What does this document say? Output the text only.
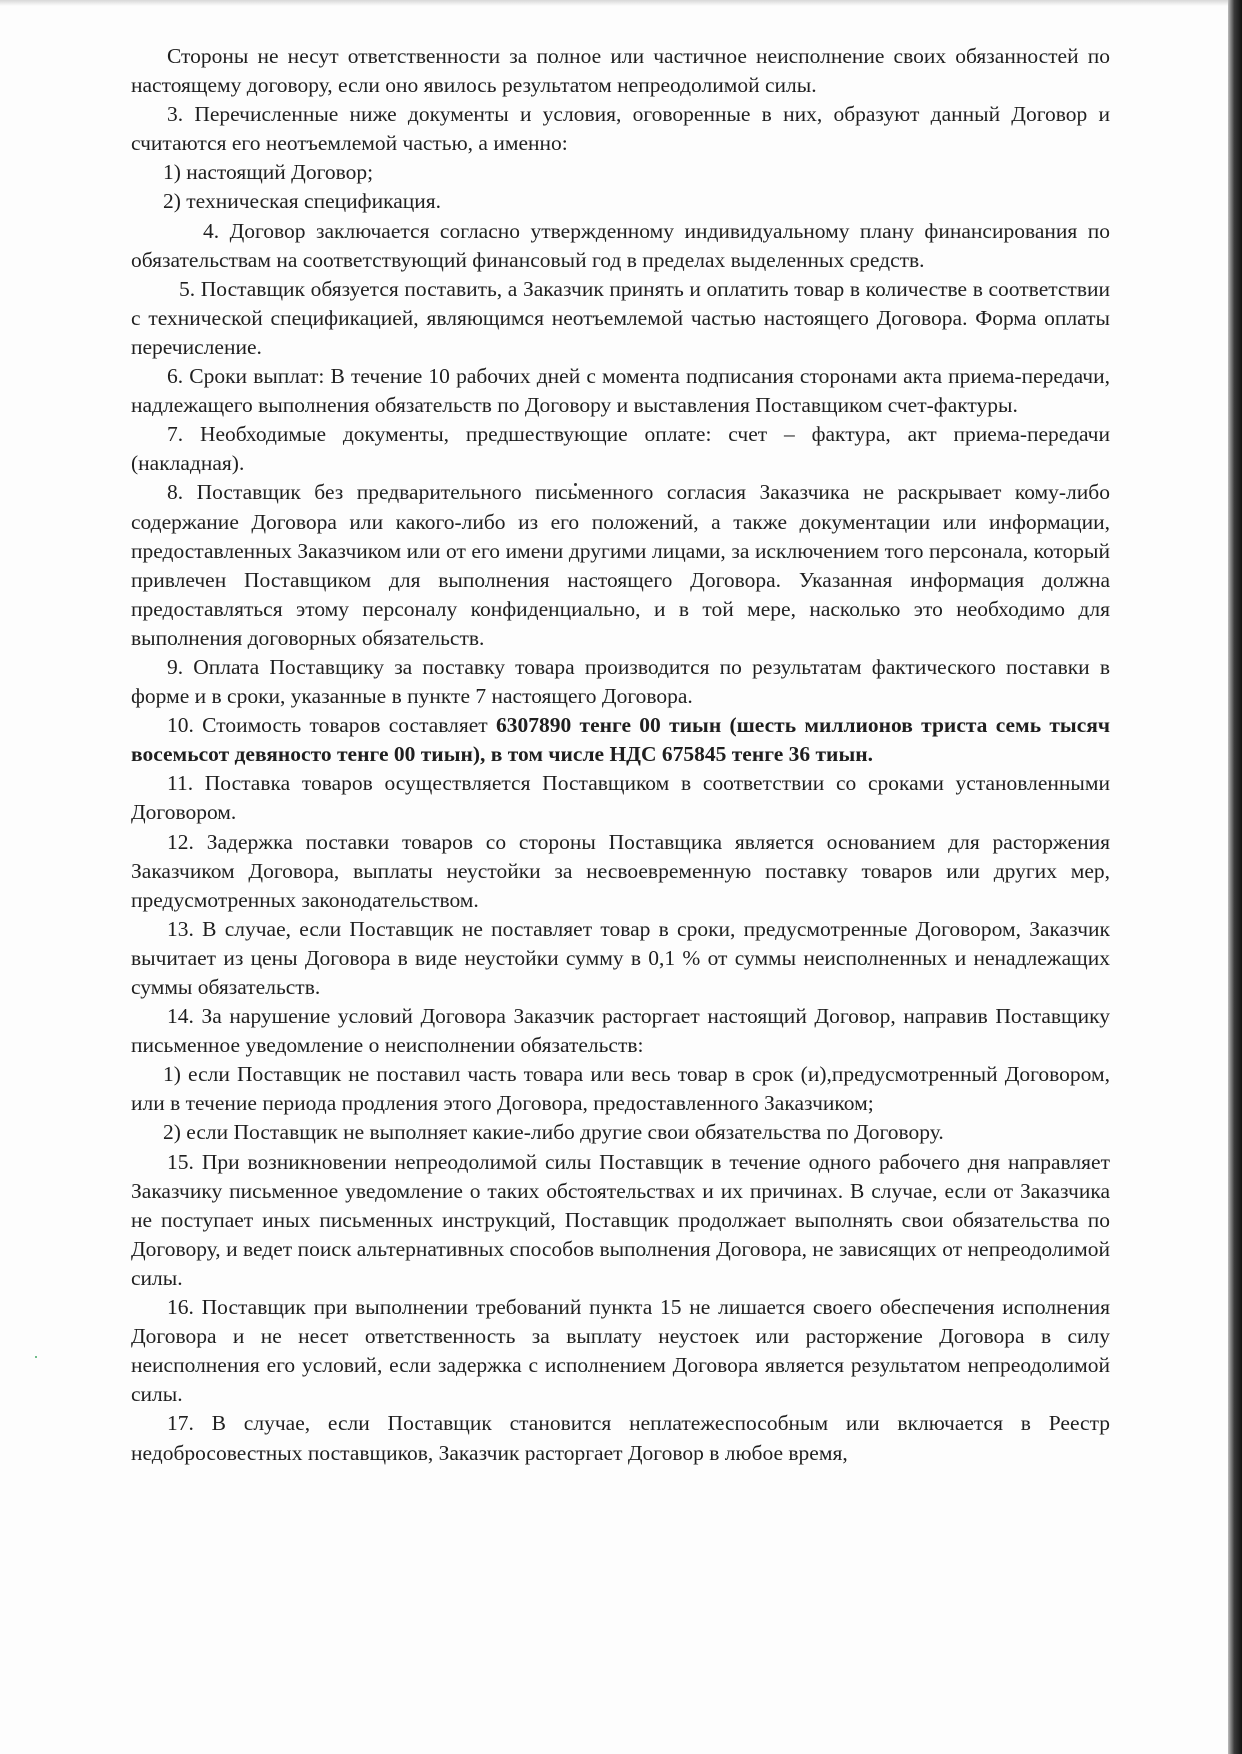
Стороны не несут ответственности за полное или частичное неисполнение своих обязанностей по настоящему договору, если оно явилось результатом непреодолимой силы.

3. Перечисленные ниже документы и условия, оговоренные в них, образуют данный Договор и считаются его неотъемлемой частью, а именно:

1) настоящий Договор;

2) техническая спецификация.

4. Договор заключается согласно утвержденному индивидуальному плану финансирования по обязательствам на соответствующий финансовый год в пределах выделенных средств.

5. Поставщик обязуется поставить, а Заказчик принять и оплатить товар в количестве в соответствии с технической спецификацией, являющимся неотъемлемой частью настоящего Договора. Форма оплаты перечисление.

6. Сроки выплат: В течение 10 рабочих дней с момента подписания сторонами акта приема-передачи, надлежащего выполнения обязательств по Договору и выставления Поставщиком счет-фактуры.

7. Необходимые документы, предшествующие оплате: счет – фактура, акт приема-передачи (накладная).

8. Поставщик без предварительного письменного согласия Заказчика не раскрывает кому-либо содержание Договора или какого-либо из его положений, а также документации или информации, предоставленных Заказчиком или от его имени другими лицами, за исключением того персонала, который привлечен Поставщиком для выполнения настоящего Договора. Указанная информация должна предоставляться этому персоналу конфиденциально, и в той мере, насколько это необходимо для выполнения договорных обязательств.

9. Оплата Поставщику за поставку товара производится по результатам фактического поставки в форме и в сроки, указанные в пункте 7 настоящего Договора.

10. Стоимость товаров составляет 6307890 тенге 00 тиын (шесть миллионов триста семь тысяч восемьсот девяносто тенге 00 тиын), в том числе НДС 675845 тенге 36 тиын.

11. Поставка товаров осуществляется Поставщиком в соответствии со сроками установленными Договором.

12. Задержка поставки товаров со стороны Поставщика является основанием для расторжения Заказчиком Договора, выплаты неустойки за несвоевременную поставку товаров или других мер, предусмотренных законодательством.

13. В случае, если Поставщик не поставляет товар в сроки, предусмотренные Договором, Заказчик вычитает из цены Договора в виде неустойки сумму в 0,1 % от суммы неисполненных и ненадлежащих суммы обязательств.

14. За нарушение условий Договора Заказчик расторгает настоящий Договор, направив Поставщику письменное уведомление о неисполнении обязательств:

1) если Поставщик не поставил часть товара или весь товар в срок (и),предусмотренный Договором, или в течение периода продления этого Договора, предоставленного Заказчиком;

2) если Поставщик не выполняет какие-либо другие свои обязательства по Договору.

15. При возникновении непреодолимой силы Поставщик в течение одного рабочего дня направляет Заказчику письменное уведомление о таких обстоятельствах и их причинах. В случае, если от Заказчика не поступает иных письменных инструкций, Поставщик продолжает выполнять свои обязательства по Договору, и ведет поиск альтернативных способов выполнения Договора, не зависящих от непреодолимой силы.

16. Поставщик при выполнении требований пункта 15 не лишается своего обеспечения исполнения Договора и не несет ответственность за выплату неустоек или расторжение Договора в силу неисполнения его условий, если задержка с исполнением Договора является результатом непреодолимой силы.

17. В случае, если Поставщик становится неплатежеспособным или включается в Реестр недобросовестных поставщиков, Заказчик расторгает Договор в любое время,
